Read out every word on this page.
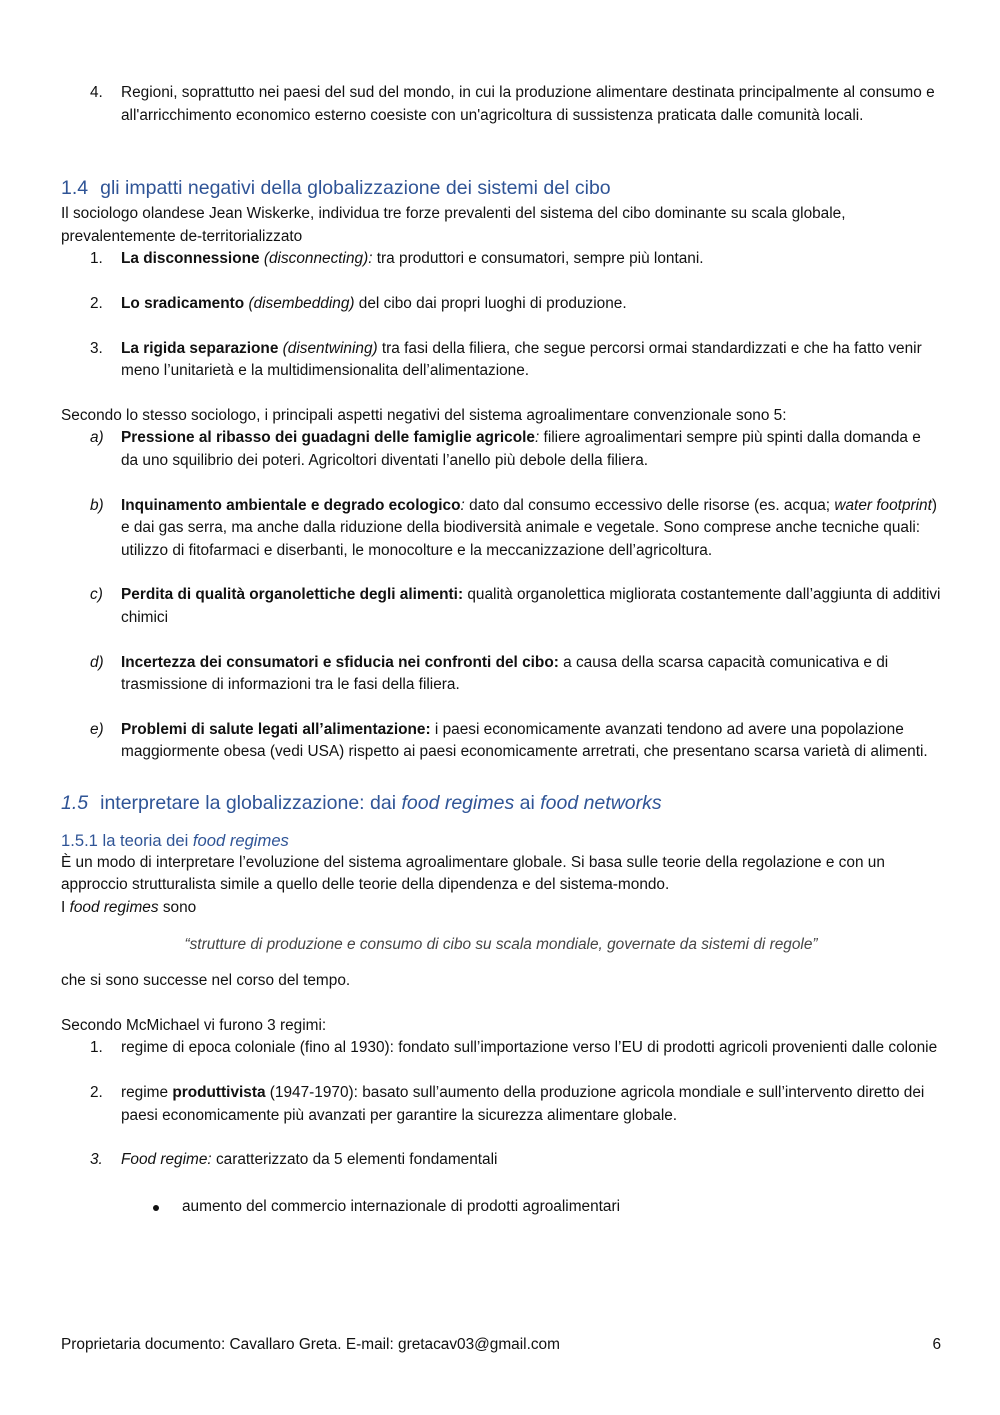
4. Regioni, soprattutto nei paesi del sud del mondo, in cui la produzione alimentare destinata principalmente al consumo e all'arricchimento economico esterno coesiste con un'agricoltura di sussistenza praticata dalle comunità locali.
1.4 gli impatti negativi della globalizzazione dei sistemi del cibo
Il sociologo olandese Jean Wiskerke, individua tre forze prevalenti del sistema del cibo dominante su scala globale, prevalentemente de-territorializzato
1. La disconnessione (disconnecting): tra produttori e consumatori, sempre più lontani.
2. Lo sradicamento (disembedding) del cibo dai propri luoghi di produzione.
3. La rigida separazione (disentwining) tra fasi della filiera, che segue percorsi ormai standardizzati e che ha fatto venir meno l’unitarietà e la multidimensionalita dell’alimentazione.
Secondo lo stesso sociologo, i principali aspetti negativi del sistema agroalimentare convenzionale sono 5:
a) Pressione al ribasso dei guadagni delle famiglie agricole: filiere agroalimentari sempre più spinti dalla domanda e da uno squilibrio dei poteri. Agricoltori diventati l’anello più debole della filiera.
b) Inquinamento ambientale e degrado ecologico: dato dal consumo eccessivo delle risorse (es. acqua; water footprint) e dai gas serra, ma anche dalla riduzione della biodiversità animale e vegetale. Sono comprese anche tecniche quali: utilizzo di fitofarmaci e diserbanti, le monocolture e la meccanizzazione dell’agricoltura.
c) Perdita di qualità organolettiche degli alimenti: qualità organolettica migliorata costantemente dall’aggiunta di additivi chimici
d) Incertezza dei consumatori e sfiducia nei confronti del cibo: a causa della scarsa capacità comunicativa e di trasmissione di informazioni tra le fasi della filiera.
e) Problemi di salute legati all’alimentazione: i paesi economicamente avanzati tendono ad avere una popolazione maggiormente obesa (vedi USA) rispetto ai paesi economicamente arretrati, che presentano scarsa varietà di alimenti.
1.5 interpretare la globalizzazione: dai food regimes ai food networks
1.5.1 la teoria dei food regimes
È un modo di interpretare l’evoluzione del sistema agroalimentare globale. Si basa sulle teorie della regolazione e con un approccio strutturalista simile a quello delle teorie della dipendenza e del sistema-mondo.
I food regimes sono
“strutture di produzione e consumo di cibo su scala mondiale, governate da sistemi di regole”
che si sono successe nel corso del tempo.
Secondo McMichael vi furono 3 regimi:
1. regime di epoca coloniale (fino al 1930): fondato sull’importazione verso l’EU di prodotti agricoli provenienti dalle colonie
2. regime produttivista (1947-1970): basato sull’aumento della produzione agricola mondiale e sull’intervento diretto dei paesi economicamente più avanzati per garantire la sicurezza alimentare globale.
3. Food regime: caratterizzato da 5 elementi fondamentali
aumento del commercio internazionale di prodotti agroalimentari
Proprietaria documento: Cavallaro Greta. E-mail: gretacav03@gmail.com	6
